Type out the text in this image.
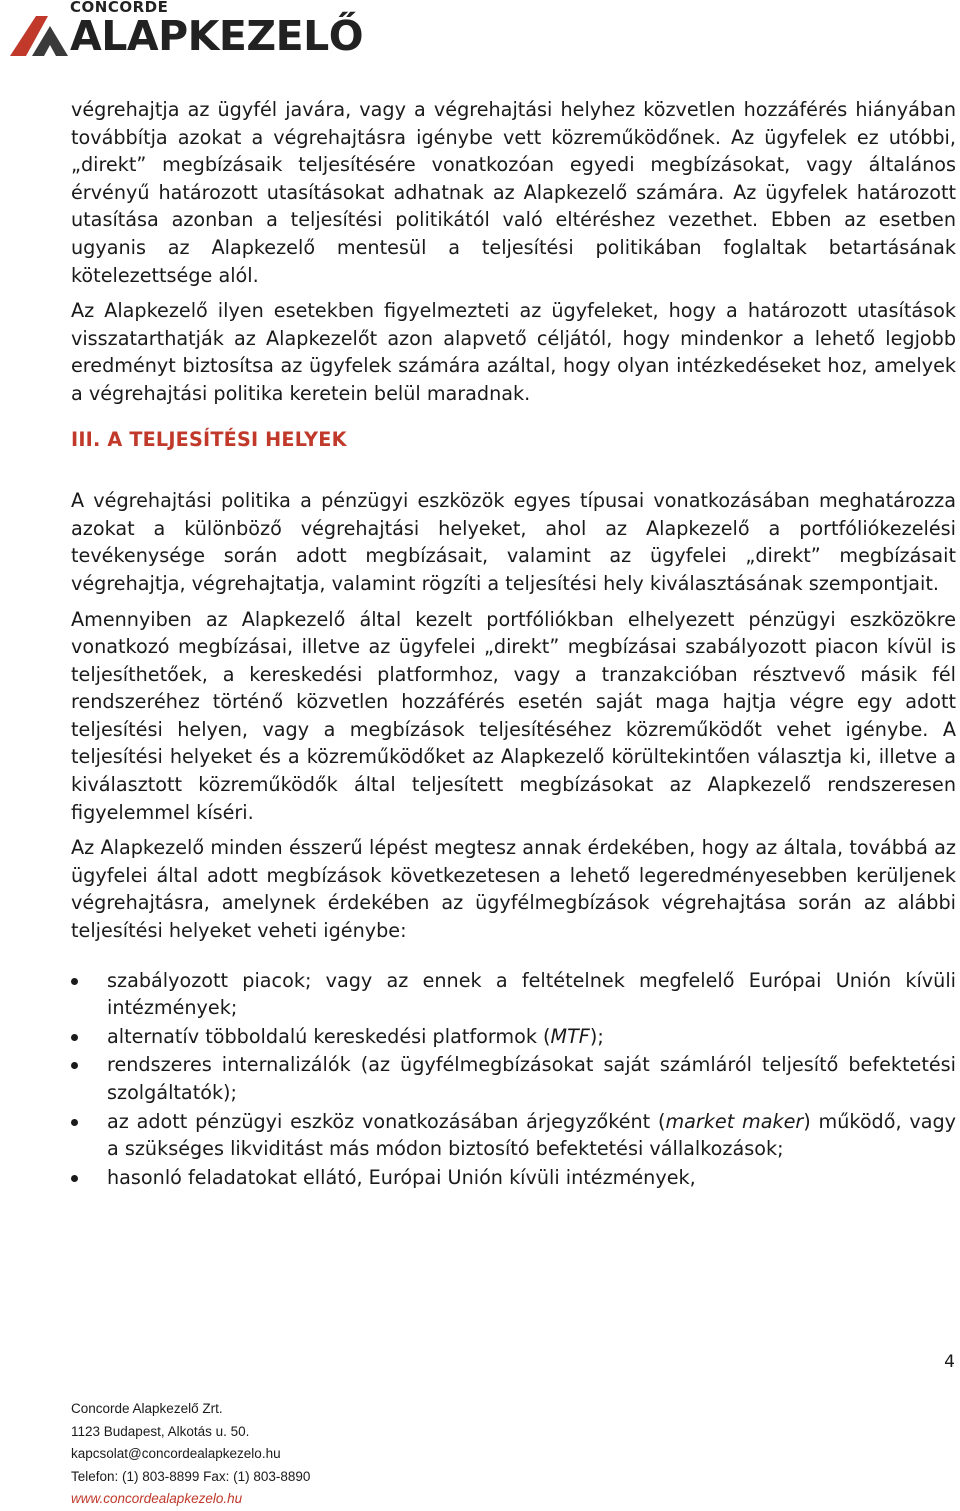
CONCORDE
ALAPKEZELŐ

végrehajtja az ügyfél javára, vagy a végrehajtási helyhez közvetlen hozzáférés hiányában továbbítja azokat a végrehajtásra igénybe vett közreműködőnek. Az ügyfelek ez utóbbi, „direkt” megbízásaik teljesítésére vonatkozóan egyedi megbízásokat, vagy általános érvényű határozott utasításokat adhatnak az Alapkezelő számára. Az ügyfelek határozott utasítása azonban a teljesítési politikától való eltéréshez vezethet. Ebben az esetben ugyanis az Alapkezelő mentesül a teljesítési politikában foglaltak betartásának kötelezettsége alól.

Az Alapkezelő ilyen esetekben figyelmezteti az ügyfeleket, hogy a határozott utasítások visszatarthatják az Alapkezelőt azon alapvető céljától, hogy mindenkor a lehető legjobb eredményt biztosítsa az ügyfelek számára azáltal, hogy olyan intézkedéseket hoz, amelyek a végrehajtási politika keretein belül maradnak.

III. A TELJESÍTÉSI HELYEK

A végrehajtási politika a pénzügyi eszközök egyes típusai vonatkozásában meghatározza azokat a különböző végrehajtási helyeket, ahol az Alapkezelő a portfóliókezelési tevékenysége során adott megbízásait, valamint az ügyfelei „direkt” megbízásait végrehajtja, végrehajtatja, valamint rögzíti a teljesítési hely kiválasztásának szempontjait.

Amennyiben az Alapkezelő által kezelt portfóliókban elhelyezett pénzügyi eszközökre vonatkozó megbízásai, illetve az ügyfelei „direkt” megbízásai szabályozott piacon kívül is teljesíthetőek, a kereskedési platformhoz, vagy a tranzakcióban résztvevő másik fél rendszeréhez történő közvetlen hozzáférés esetén saját maga hajtja végre egy adott teljesítési helyen, vagy a megbízások teljesítéséhez közreműködőt vehet igénybe. A teljesítési helyeket és a közreműködőket az Alapkezelő körültekintően választja ki, illetve a kiválasztott közreműködők által teljesített megbízásokat az Alapkezelő rendszeresen figyelemmel kíséri.

Az Alapkezelő minden ésszerű lépést megtesz annak érdekében, hogy az általa, továbbá az ügyfelei által adott megbízások következetesen a lehető legeredményesebben kerüljenek végrehajtásra, amelynek érdekében az ügyfélmegbízások végrehajtása során az alábbi teljesítési helyeket veheti igénybe:

szabályozott piacok; vagy az ennek a feltételnek megfelelő Európai Unión kívüli intézmények;
alternatív többoldalú kereskedési platformok (MTF);
rendszeres internalizálók (az ügyfélmegbízásokat saját számláról teljesítő befektetési szolgáltatók);
az adott pénzügyi eszköz vonatkozásában árjegyzőként (market maker) működő, vagy a szükséges likviditást más módon biztosító befektetési vállalkozások;
hasonló feladatokat ellátó, Európai Unión kívüli intézmények,
4
Concorde Alapkezelő Zrt.
1123 Budapest, Alkotás u. 50.
kapcsolat@concordealapkezelo.hu
Telefon: (1) 803-8899 Fax: (1) 803-8890
www.concordealapkezelo.hu
